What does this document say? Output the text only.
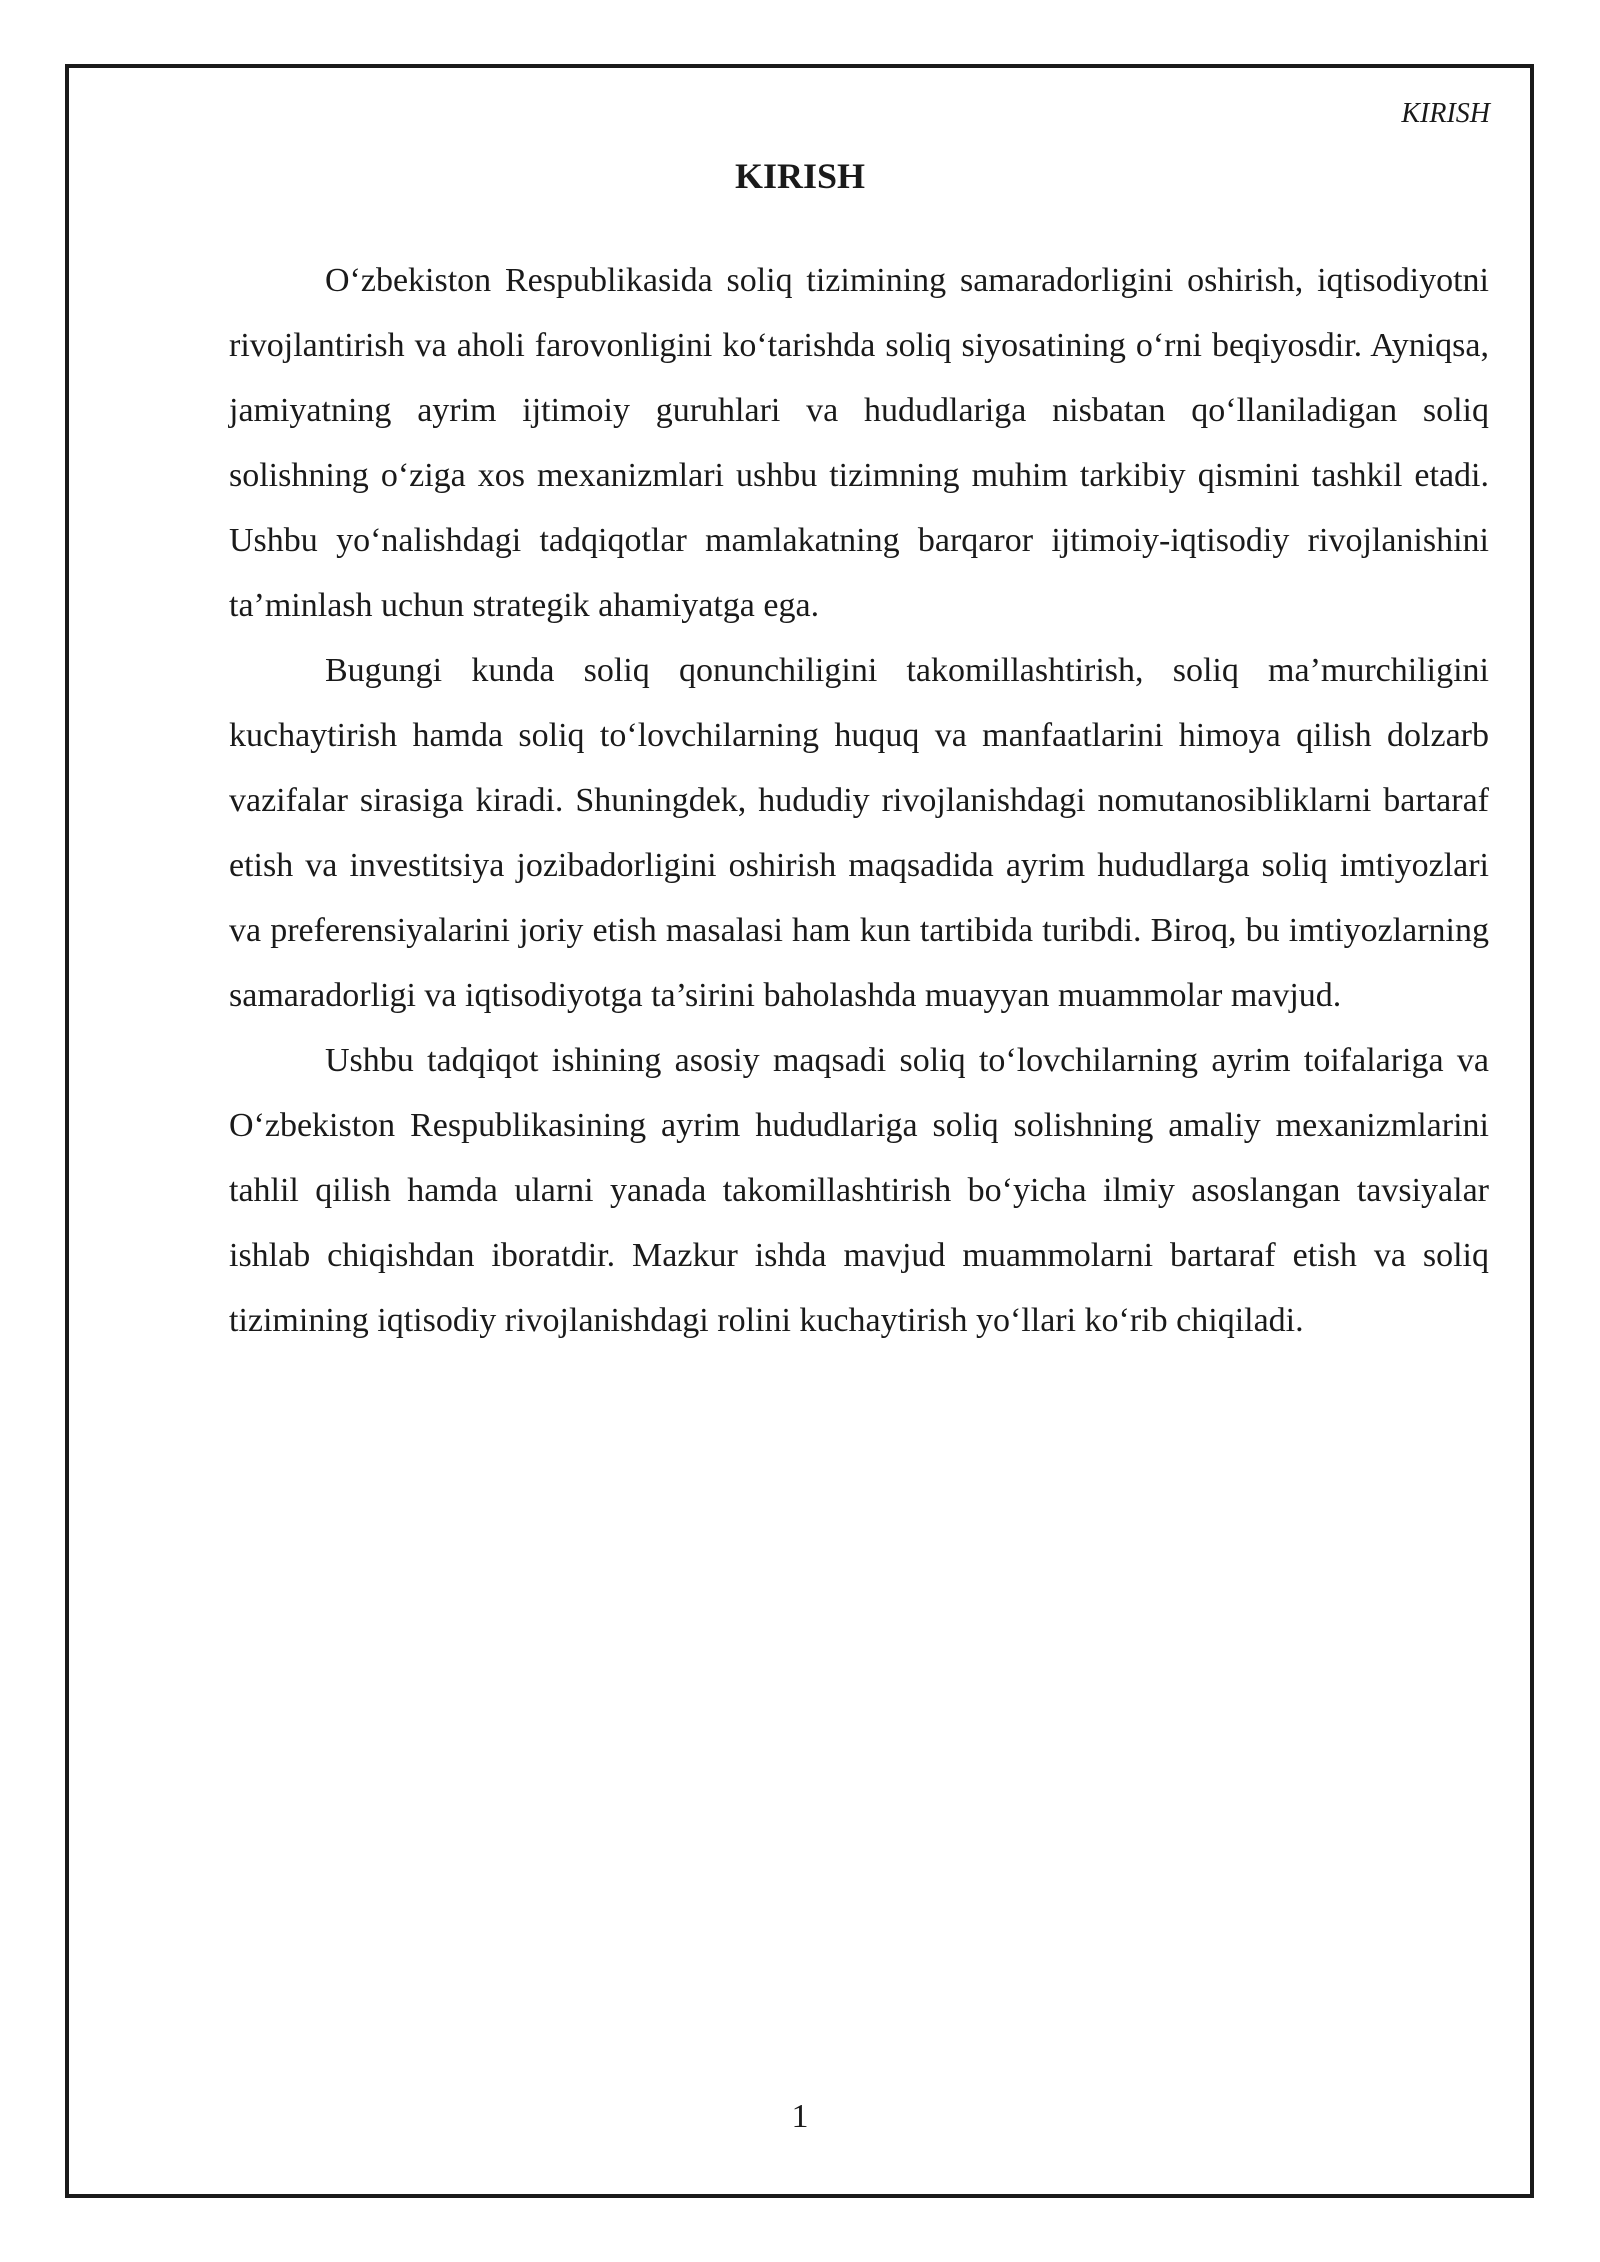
KIRISH
KIRISH

O‘zbekiston Respublikasida soliq tizimining samaradorligini oshirish, iqtisodiyotni rivojlantirish va aholi farovonligini ko‘tarishda soliq siyosatining o‘rni beqiyosdir. Ayniqsa, jamiyatning ayrim ijtimoiy guruhlari va hududlariga nisbatan qo‘llaniladigan soliq solishning o‘ziga xos mexanizmlari ushbu tizimning muhim tarkibiy qismini tashkil etadi. Ushbu yo‘nalishdagi tadqiqotlar mamlakatning barqaror ijtimoiy-iqtisodiy rivojlanishini ta’minlash uchun strategik ahamiyatga ega.

Bugungi kunda soliq qonunchiligini takomillashtirish, soliq ma’murchiligini kuchaytirish hamda soliq to‘lovchilarning huquq va manfaatlarini himoya qilish dolzarb vazifalar sirasiga kiradi. Shuningdek, hududiy rivojlanishdagi nomutanosibliklarni bartaraf etish va investitsiya jozibadorligini oshirish maqsadida ayrim hududlarga soliq imtiyozlari va preferensiyalarini joriy etish masalasi ham kun tartibida turibdi. Biroq, bu imtiyozlarning samaradorligi va iqtisodiyotga ta’sirini baholashda muayyan muammolar mavjud.

Ushbu tadqiqot ishining asosiy maqsadi soliq to‘lovchilarning ayrim toifalariga va O‘zbekiston Respublikasining ayrim hududlariga soliq solishning amaliy mexanizmlarini tahlil qilish hamda ularni yanada takomillashtirish bo‘yicha ilmiy asoslangan tavsiyalar ishlab chiqishdan iboratdir. Mazkur ishda mavjud muammolarni bartaraf etish va soliq tizimining iqtisodiy rivojlanishdagi rolini kuchaytirish yo‘llari ko‘rib chiqiladi.

1
